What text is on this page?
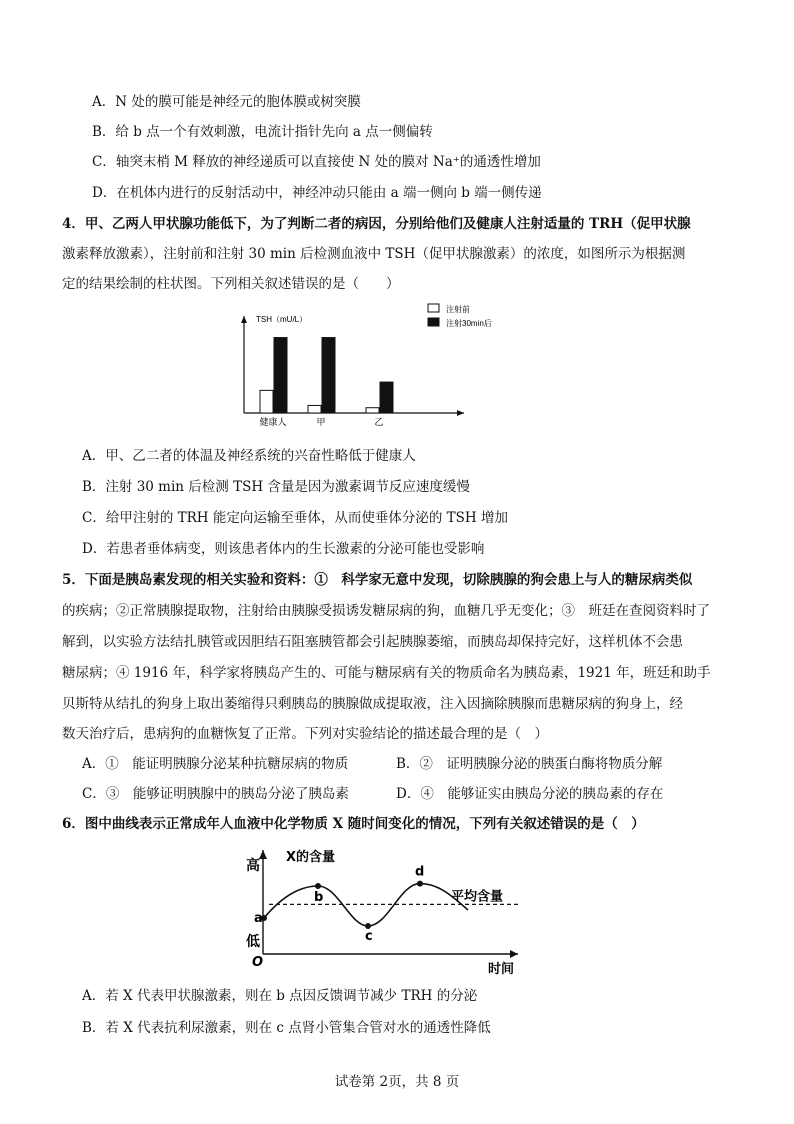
A．N 处的膜可能是神经元的胞体膜或树突膜
B．给 b 点一个有效刺激，电流计指针先向 a 点一侧偏转
C．轴突末梢 M 释放的神经递质可以直接使 N 处的膜对 Na⁺的通透性增加
D．在机体内进行的反射活动中，神经冲动只能由 a 端一侧向 b 端一侧传递
4．甲、乙两人甲状腺功能低下，为了判断二者的病因，分别给他们及健康人注射适量的 TRH（促甲状腺
激素释放激素），注射前和注射 30 min 后检测血液中 TSH（促甲状腺激素）的浓度，如图所示为根据测
定的结果绘制的柱状图。下列相关叙述错误的是（　　）
TSH（mU/L）
健康人	甲	乙
注射前
注射30min后
A．甲、乙二者的体温及神经系统的兴奋性略低于健康人
B．注射 30 min 后检测 TSH 含量是因为激素调节反应速度缓慢
C．给甲注射的 TRH 能定向运输至垂体，从而使垂体分泌的 TSH 增加
D．若患者垂体病变，则该患者体内的生长激素的分泌可能也受影响
5．下面是胰岛素发现的相关实验和资料：①　科学家无意中发现，切除胰腺的狗会患上与人的糖尿病类似
的疾病；②正常胰腺提取物，注射给由胰腺受损诱发糖尿病的狗，血糖几乎无变化；③　班廷在查阅资料时了
解到，以实验方法结扎胰管或因胆结石阻塞胰管都会引起胰腺萎缩，而胰岛却保持完好，这样机体不会患
糖尿病；④ 1916 年，科学家将胰岛产生的、可能与糖尿病有关的物质命名为胰岛素，1921 年，班廷和助手
贝斯特从结扎的狗身上取出萎缩得只剩胰岛的胰腺做成提取液，注入因摘除胰腺而患糖尿病的狗身上，经
数天治疗后，患病狗的血糖恢复了正常。下列对实验结论的描述最合理的是（　）
A．①　能证明胰腺分泌某种抗糖尿病的物质	B．②　证明胰腺分泌的胰蛋白酶将物质分解
C．③　能够证明胰腺中的胰岛分泌了胰岛素	D．④　能够证实由胰岛分泌的胰岛素的存在
6．图中曲线表示正常成年人血液中化学物质 X 随时间变化的情况，下列有关叙述错误的是（　）
X的含量
高
低
O	时间
平均含量
a
b
c
d
A．若 X 代表甲状腺激素，则在 b 点因反馈调节减少 TRH 的分泌
B．若 X 代表抗利尿激素，则在 c 点肾小管集合管对水的通透性降低
试卷第 2页，共 8 页
